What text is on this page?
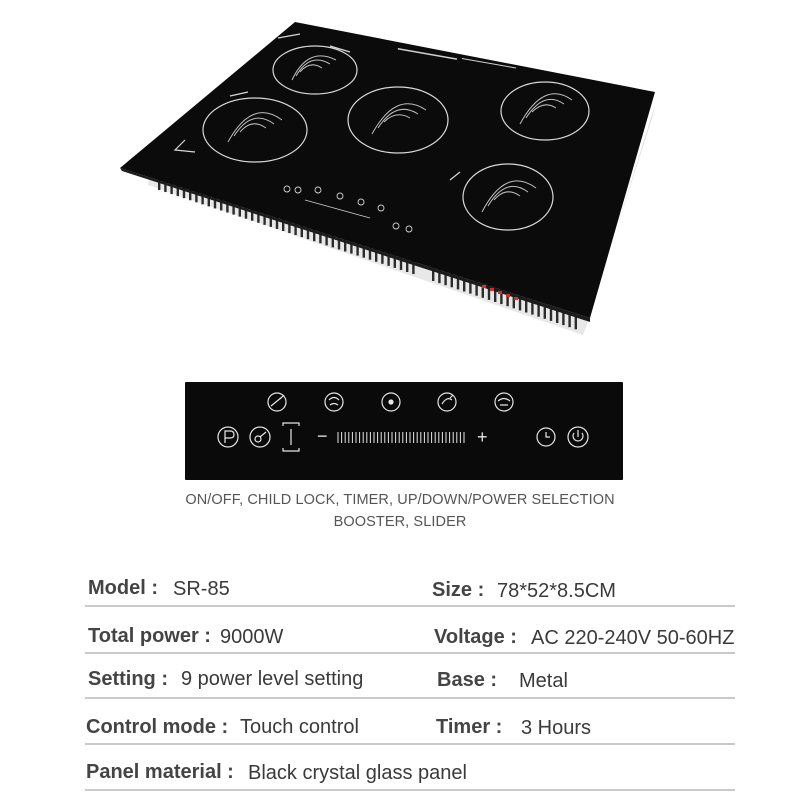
−	+
ON/OFF, CHILD LOCK, TIMER, UP/DOWN/POWER SELECTION
BOOSTER, SLIDER
Model : SR-85	Size : 78*52*8.5CM
Total power : 9000W	Voltage : AC 220-240V 50-60HZ
Setting : 9 power level setting	Base : Metal
Control mode : Touch control	Timer : 3 Hours
Panel material : Black crystal glass panel
